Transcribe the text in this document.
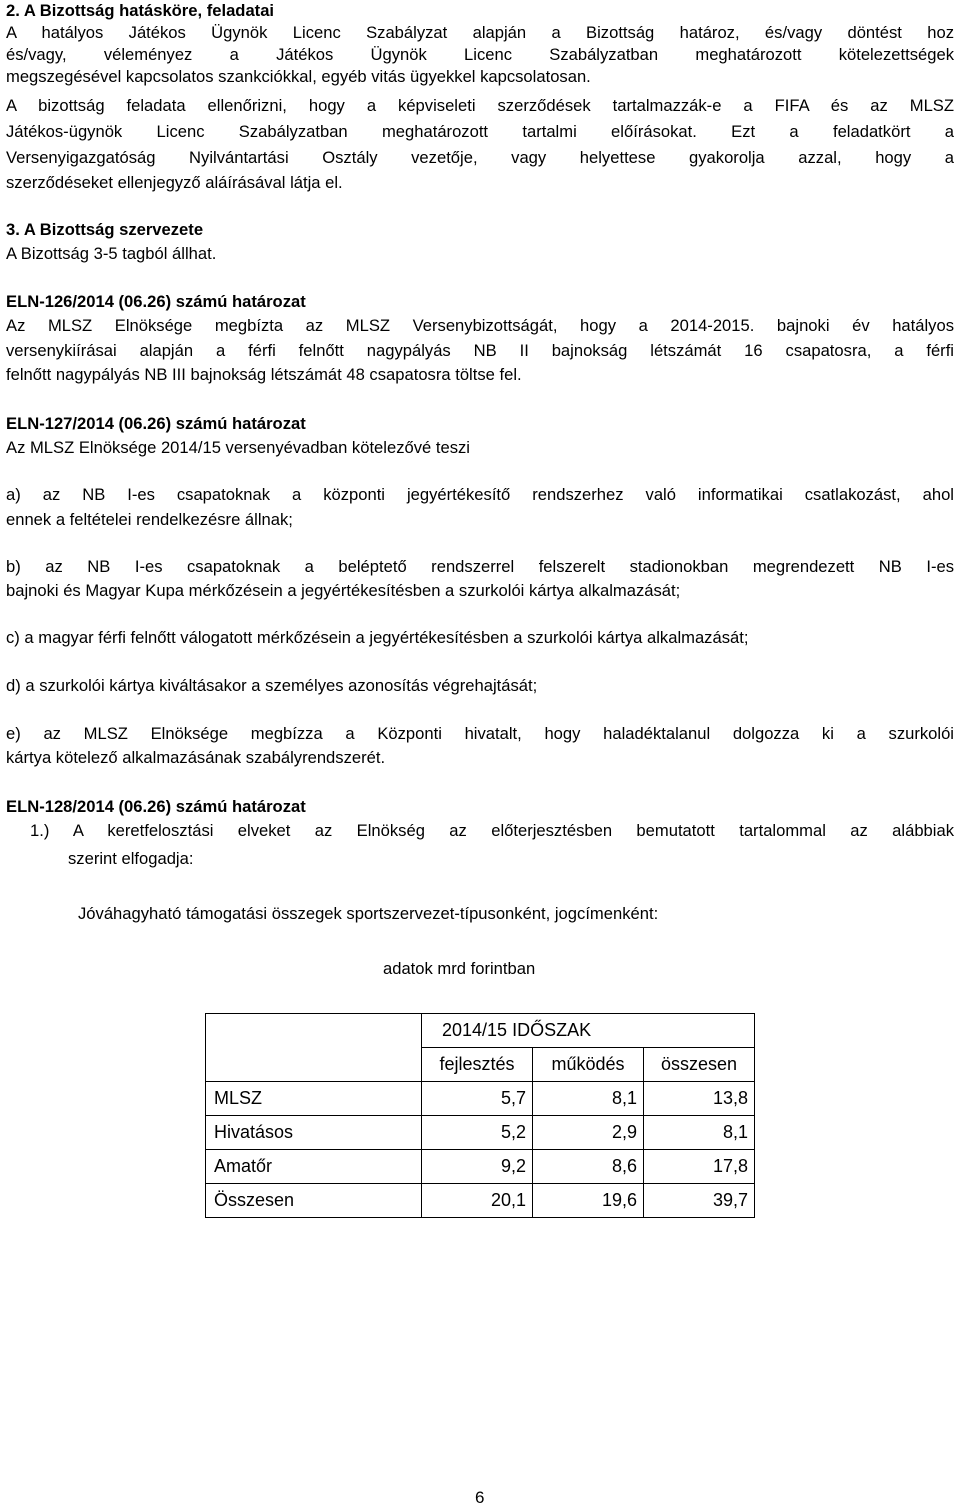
2. A Bizottság hatásköre, feladatai
A hatályos Játékos Ügynök Licenc Szabályzat alapján a Bizottság határoz, és/vagy döntést hoz
és/vagy, véleményez a Játékos Ügynök Licenc Szabályzatban meghatározott kötelezettségek
megszegésével kapcsolatos szankciókkal, egyéb vitás ügyekkel kapcsolatosan.
A bizottság feladata ellenőrizni, hogy a képviseleti szerződések tartalmazzák-e a FIFA és az MLSZ
Játékos-ügynök Licenc Szabályzatban meghatározott tartalmi előírásokat. Ezt a feladatkört a
Versenyigazgatóság Nyilvántartási Osztály vezetője, vagy helyettese gyakorolja azzal, hogy a
szerződéseket ellenjegyző aláírásával látja el.
3. A Bizottság szervezete
A Bizottság 3-5 tagból állhat.
ELN-126/2014 (06.26) számú határozat
Az MLSZ Elnöksége megbízta az MLSZ Versenybizottságát, hogy a 2014-2015. bajnoki év hatályos
versenykiírásai alapján a férfi felnőtt nagypályás NB II bajnokság létszámát 16 csapatosra, a férfi
felnőtt nagypályás NB III bajnokság létszámát 48 csapatosra töltse fel.
ELN-127/2014 (06.26) számú határozat
Az MLSZ Elnöksége 2014/15 versenyévadban kötelezővé teszi
a) az NB I-es csapatoknak a központi jegyértékesítő rendszerhez való informatikai csatlakozást, ahol
ennek a feltételei rendelkezésre állnak;
b) az NB I-es csapatoknak a beléptető rendszerrel felszerelt stadionokban megrendezett NB I-es
bajnoki és Magyar Kupa mérkőzésein a jegyértékesítésben a szurkolói kártya alkalmazását;
c) a magyar férfi felnőtt válogatott mérkőzésein a jegyértékesítésben a szurkolói kártya alkalmazását;
d) a szurkolói kártya kiváltásakor a személyes azonosítás végrehajtását;
e) az MLSZ Elnöksége megbízza a Központi hivatalt, hogy haladéktalanul dolgozza ki a szurkolói
kártya kötelező alkalmazásának szabályrendszerét.
ELN-128/2014 (06.26) számú határozat
1.) A keretfelosztási elveket az Elnökség az előterjesztésben bemutatott tartalommal az alábbiak
szerint elfogadja:
Jóváhagyható támogatási összegek sportszervezet-típusonként, jogcímenként:
adatok mrd forintban
	2014/15 IDŐSZAK		
	fejlesztés	működés	összesen
MLSZ	5,7	8,1	13,8
Hivatásos	5,2	2,9	8,1
Amatőr	9,2	8,6	17,8
Összesen	20,1	19,6	39,7
6
